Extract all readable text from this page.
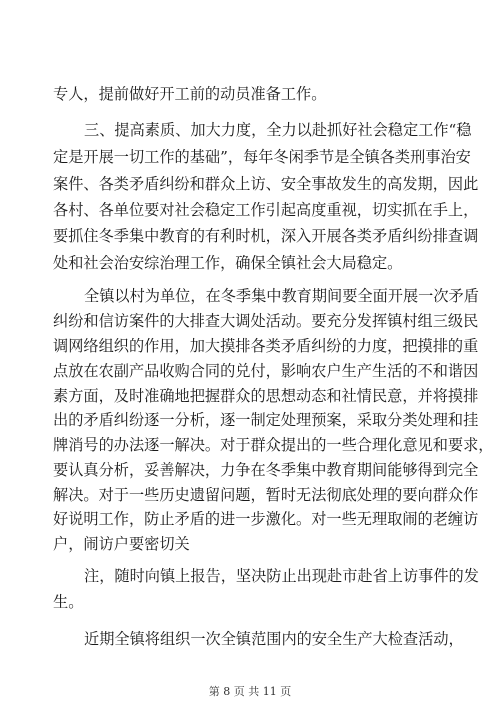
专人，提前做好开工前的动员准备工作。
三、提高素质、加大力度，全力以赴抓好社会稳定工作“稳
定是开展一切工作的基础”，每年冬闲季节是全镇各类刑事治安
案件、各类矛盾纠纷和群众上访、安全事故发生的高发期，因此
各村、各单位要对社会稳定工作引起高度重视，切实抓在手上，
要抓住冬季集中教育的有利时机，深入开展各类矛盾纠纷排查调
处和社会治安综治理工作，确保全镇社会大局稳定。
全镇以村为单位，在冬季集中教育期间要全面开展一次矛盾
纠纷和信访案件的大排查大调处活动。要充分发挥镇村组三级民
调网络组织的作用，加大摸排各类矛盾纠纷的力度，把摸排的重
点放在农副产品收购合同的兑付，影响农户生产生活的不和谐因
素方面，及时准确地把握群众的思想动态和社情民意，并将摸排
出的矛盾纠纷逐一分析，逐一制定处理预案，采取分类处理和挂
牌消号的办法逐一解决。对于群众提出的一些合理化意见和要求，
要认真分析，妥善解决，力争在冬季集中教育期间能够得到完全
解决。对于一些历史遗留问题，暂时无法彻底处理的要向群众作
好说明工作，防止矛盾的进一步激化。对一些无理取闹的老缠访
户，闹访户要密切关
注，随时向镇上报告，坚决防止出现赴市赴省上访事件的发
生。
近期全镇将组织一次全镇范围内的安全生产大检查活动，
第 8 页 共 11 页
